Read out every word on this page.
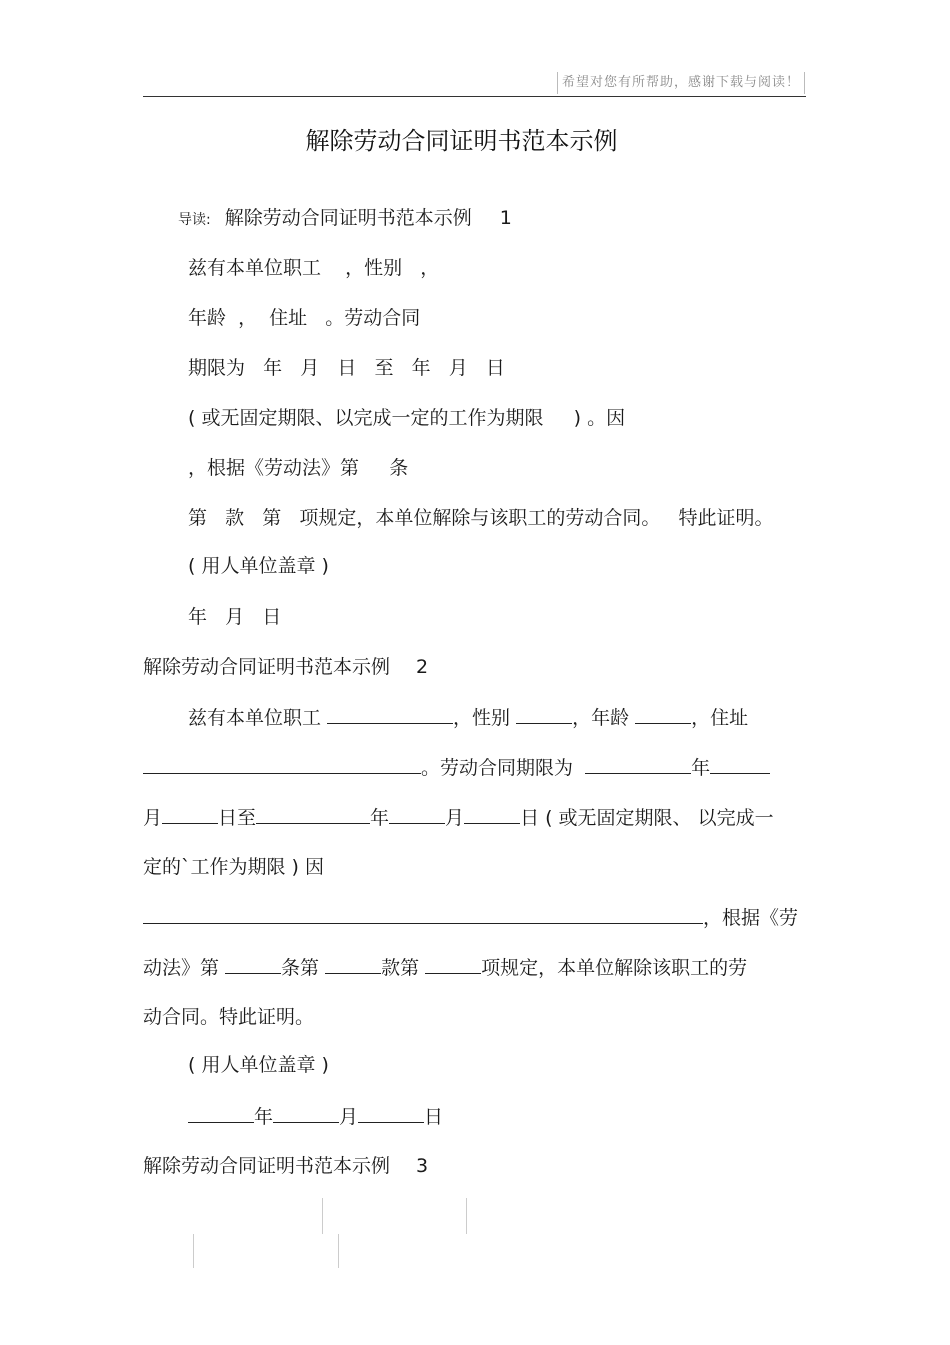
希望对您有所帮助，感谢下载与阅读！
解除劳动合同证明书范本示例
导读: 解除劳动合同证明书范本示例 1
兹有本单位职工    ，性别   ，
年龄  ，  住址   。劳动合同
期限为   年   月   日   至   年   月   日
( 或无固定期限、以完成一定的工作为期限     ) 。因
，根据《劳动法》第     条
第   款   第   项规定，本单位解除与该职工的劳动合同。   特此证明。
( 用人单位盖章 )
年   月   日
解除劳动合同证明书范本示例 2
兹有本单位职工	，性别	，年龄	，住址
。劳动合同期限为	年
月	日至	年	月	日 ( 或无固定期限、 以完成一
定的`工作为期限 ) 因
，根据《劳
动法》第	条第	款第	项规定，本单位解除该职工的劳
动合同。特此证明。
( 用人单位盖章 )
年	月	日
解除劳动合同证明书范本示例 3
